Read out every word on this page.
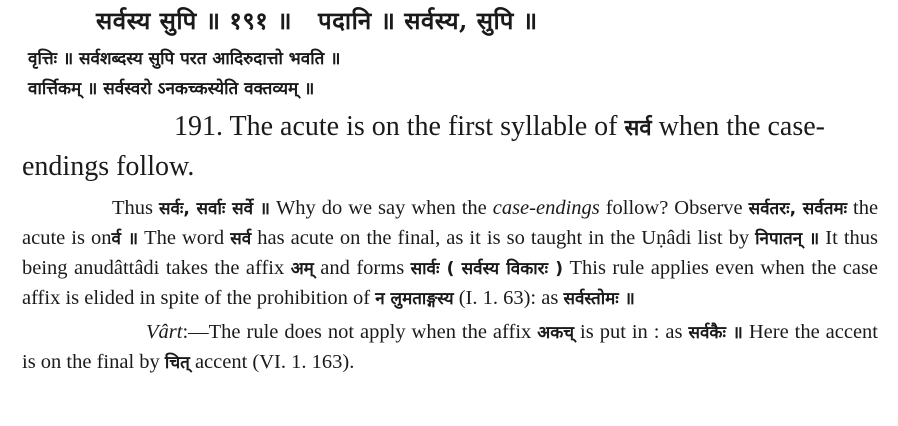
सर्वस्य सुपि ॥ १९१ ॥ पदानि ॥ सर्वस्य, सुपि ॥
वृत्तिः ॥ सर्वशब्दस्य सुपि परत आदिरुदात्तो भवति ॥
वार्त्तिकम् ॥ सर्वस्वरो ऽनकच्कस्येति वक्तव्यम् ॥
191. The acute is on the first syllable of सर्व when the case-endings follow.

Thus सर्वः, सर्वाः सर्वे ॥ Why do we say when the case-endings follow? Observe सर्वतरः, सर्वतमः the acute is onर्व ॥ The word सर्व has acute on the final, as it is so taught in the Uṇâdi list by निपातन् ॥ It thus being anudâttâdi takes the affix अम् and forms सार्वः ( सर्वस्य विकारः ) This rule applies even when the case affix is elided in spite of the prohibition of न लुमताङ्गस्य (I. 1. 63): as सर्वस्तोमः ॥

Vârt:—The rule does not apply when the affix अकच् is put in : as सर्वकैः ॥ Here the accent is on the final by चित् accent (VI. 1. 163).
